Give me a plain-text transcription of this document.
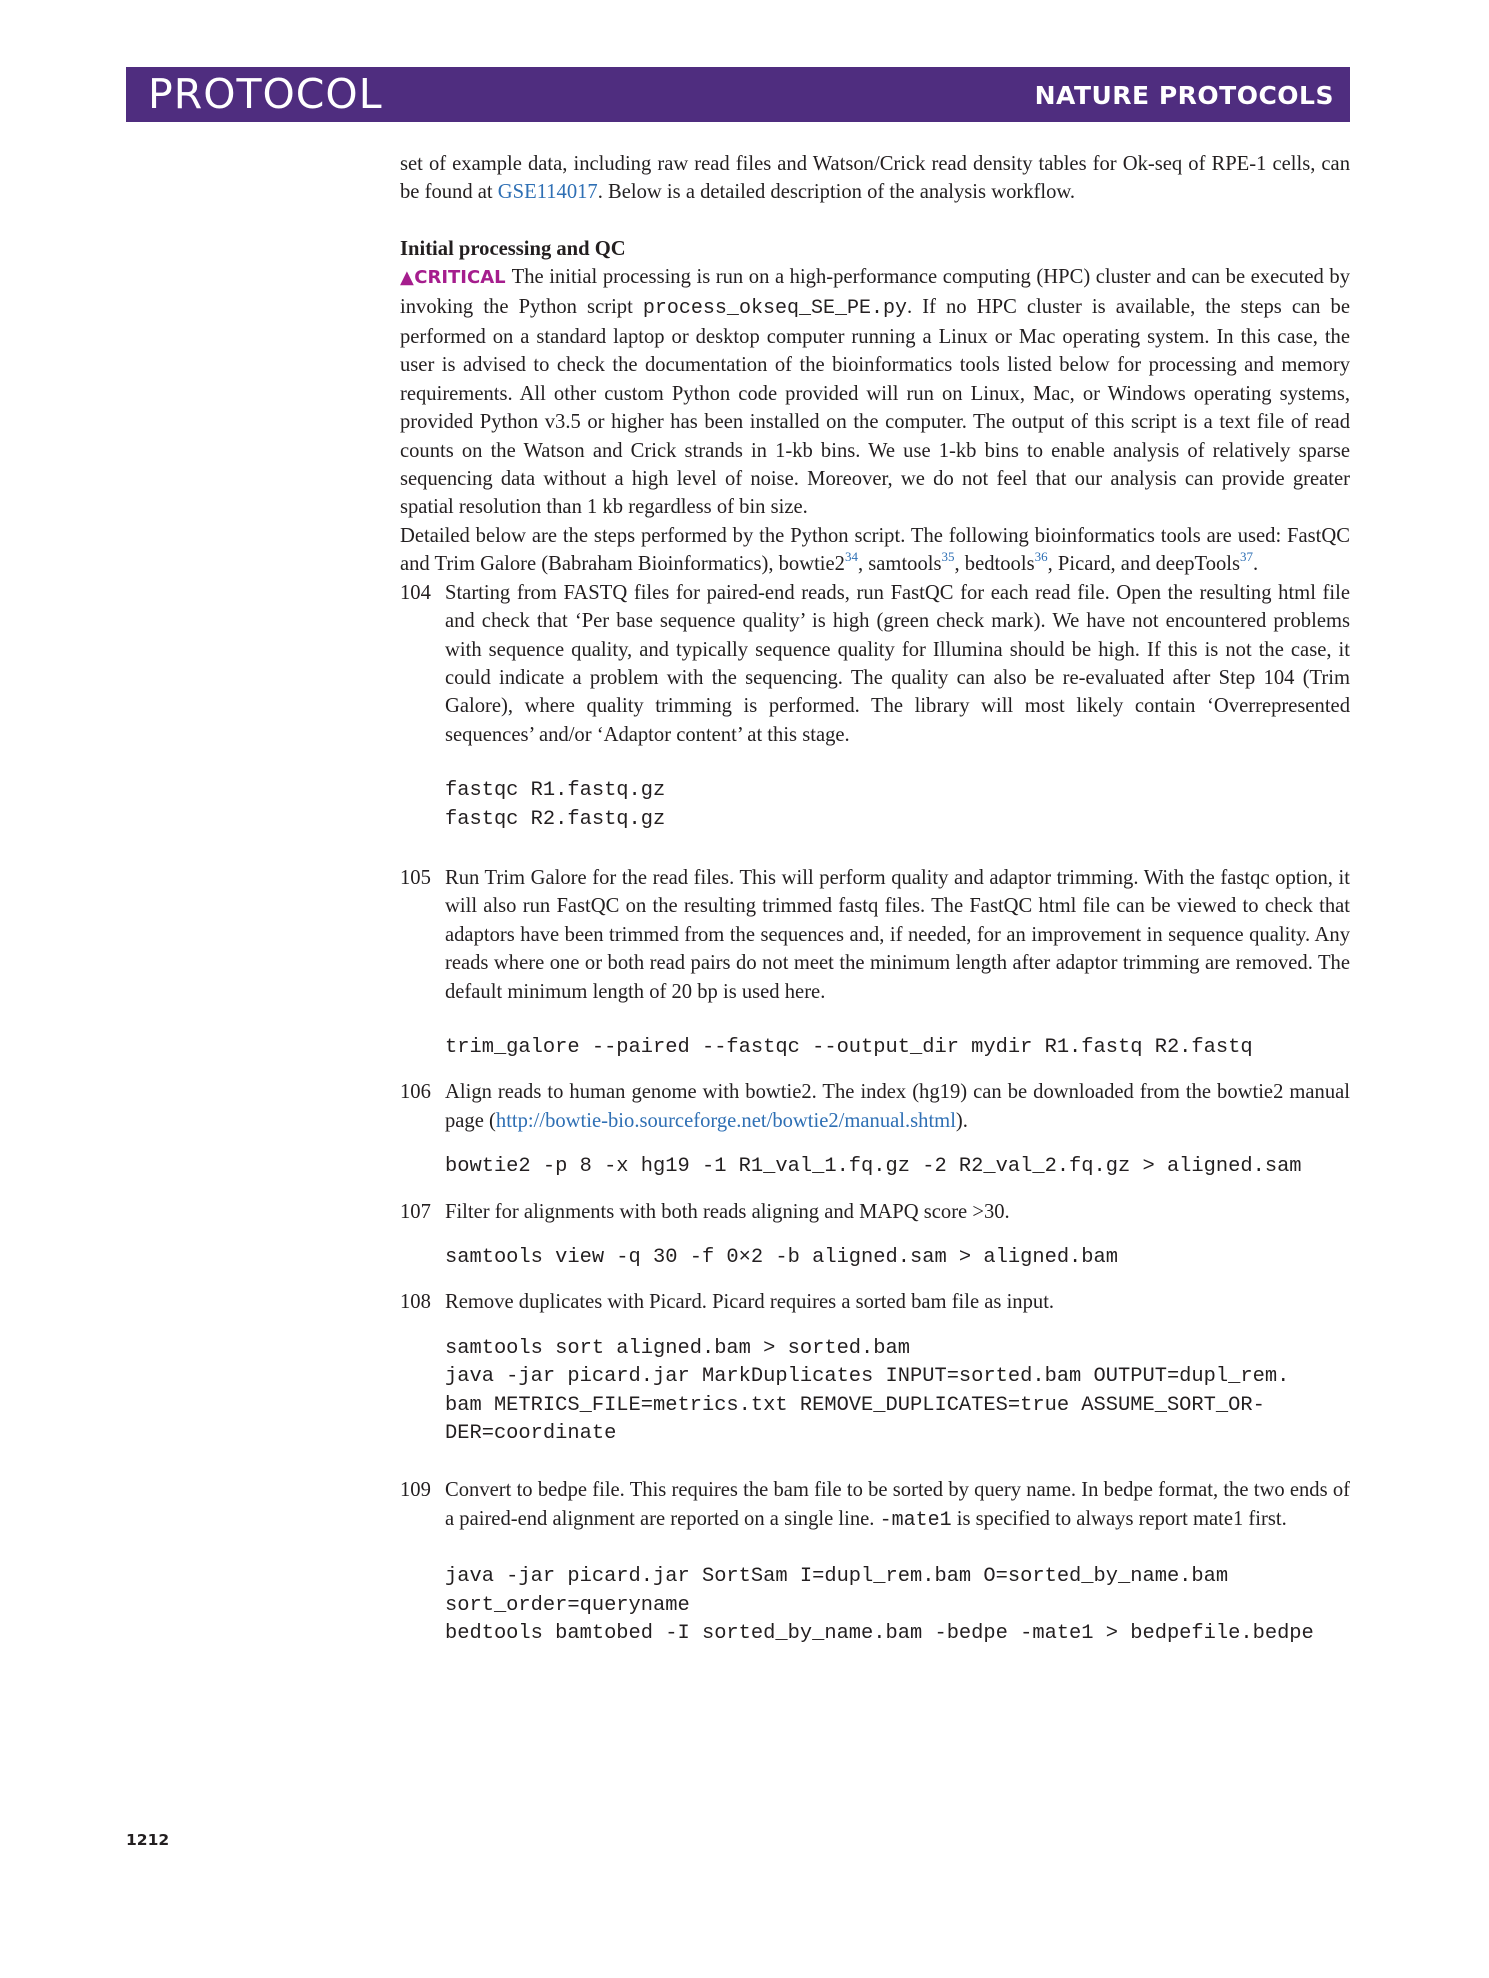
PROTOCOL	NATURE PROTOCOLS

set of example data, including raw read files and Watson/Crick read density tables for Ok-seq of RPE-1 cells, can be found at GSE114017. Below is a detailed description of the analysis workflow.

Initial processing and QC

▲CRITICAL The initial processing is run on a high-performance computing (HPC) cluster and can be executed by invoking the Python script process_okseq_SE_PE.py. If no HPC cluster is available, the steps can be performed on a standard laptop or desktop computer running a Linux or Mac operating system. In this case, the user is advised to check the documentation of the bioinformatics tools listed below for processing and memory requirements. All other custom Python code provided will run on Linux, Mac, or Windows operating systems, provided Python v3.5 or higher has been installed on the computer. The output of this script is a text file of read counts on the Watson and Crick strands in 1-kb bins. We use 1-kb bins to enable analysis of relatively sparse sequencing data without a high level of noise. Moreover, we do not feel that our analysis can provide greater spatial resolution than 1 kb regardless of bin size.

Detailed below are the steps performed by the Python script. The following bioinformatics tools are used: FastQC and Trim Galore (Babraham Bioinformatics), $bowtie2^{34}$, samtools$^{35}$, bedtools$^{36}$, Picard, and deepTools$^{37}$.

104 Starting from FASTQ files for paired-end reads, run FastQC for each read file. Open the resulting html file and check that ‘Per base sequence quality’ is high (green check mark). We have not encountered problems with sequence quality, and typically sequence quality for Illumina should be high. If this is not the case, it could indicate a problem with the sequencing. The quality can also be re-evaluated after Step 104 (Trim Galore), where quality trimming is performed. The library will most likely contain ‘Overrepresented sequences’ and/or ‘Adaptor content’ at this stage.

fastqc R1.fastq.gz
fastqc R2.fastq.gz
105 Run Trim Galore for the read files. This will perform quality and adaptor trimming. With the fastqc option, it will also run FastQC on the resulting trimmed fastq files. The FastQC html file can be viewed to check that adaptors have been trimmed from the sequences and, if needed, for an improvement in sequence quality. Any reads where one or both read pairs do not meet the minimum length after adaptor trimming are removed. The default minimum length of 20 bp is used here.

trim_galore --paired --fastqc --output_dir mydir R1.fastq R2.fastq
106 Align reads to human genome with bowtie2. The index (hg19) can be downloaded from the bowtie2 manual page (http://bowtie-bio.sourceforge.net/bowtie2/manual.shtml).

bowtie2 -p 8 -x hg19 -1 R1_val_1.fq.gz -2 R2_val_2.fq.gz > aligned.sam
107 Filter for alignments with both reads aligning and MAPQ score >30.

samtools view -q 30 -f 0×2 -b aligned.sam > aligned.bam
108 Remove duplicates with Picard. Picard requires a sorted bam file as input.

samtools sort aligned.bam > sorted.bam
java -jar picard.jar MarkDuplicates INPUT=sorted.bam OUTPUT=dupl_rem.
bam METRICS_FILE=metrics.txt REMOVE_DUPLICATES=true ASSUME_SORT_OR-
DER=coordinate
109 Convert to bedpe file. This requires the bam file to be sorted by query name. In bedpe format, the two ends of a paired-end alignment are reported on a single line. -mate1 is specified to always report mate1 first.

java -jar picard.jar SortSam I=dupl_rem.bam O=sorted_by_name.bam
sort_order=queryname
bedtools bamtobed -I sorted_by_name.bam -bedpe -mate1 > bedpefile.bedpe
1212
